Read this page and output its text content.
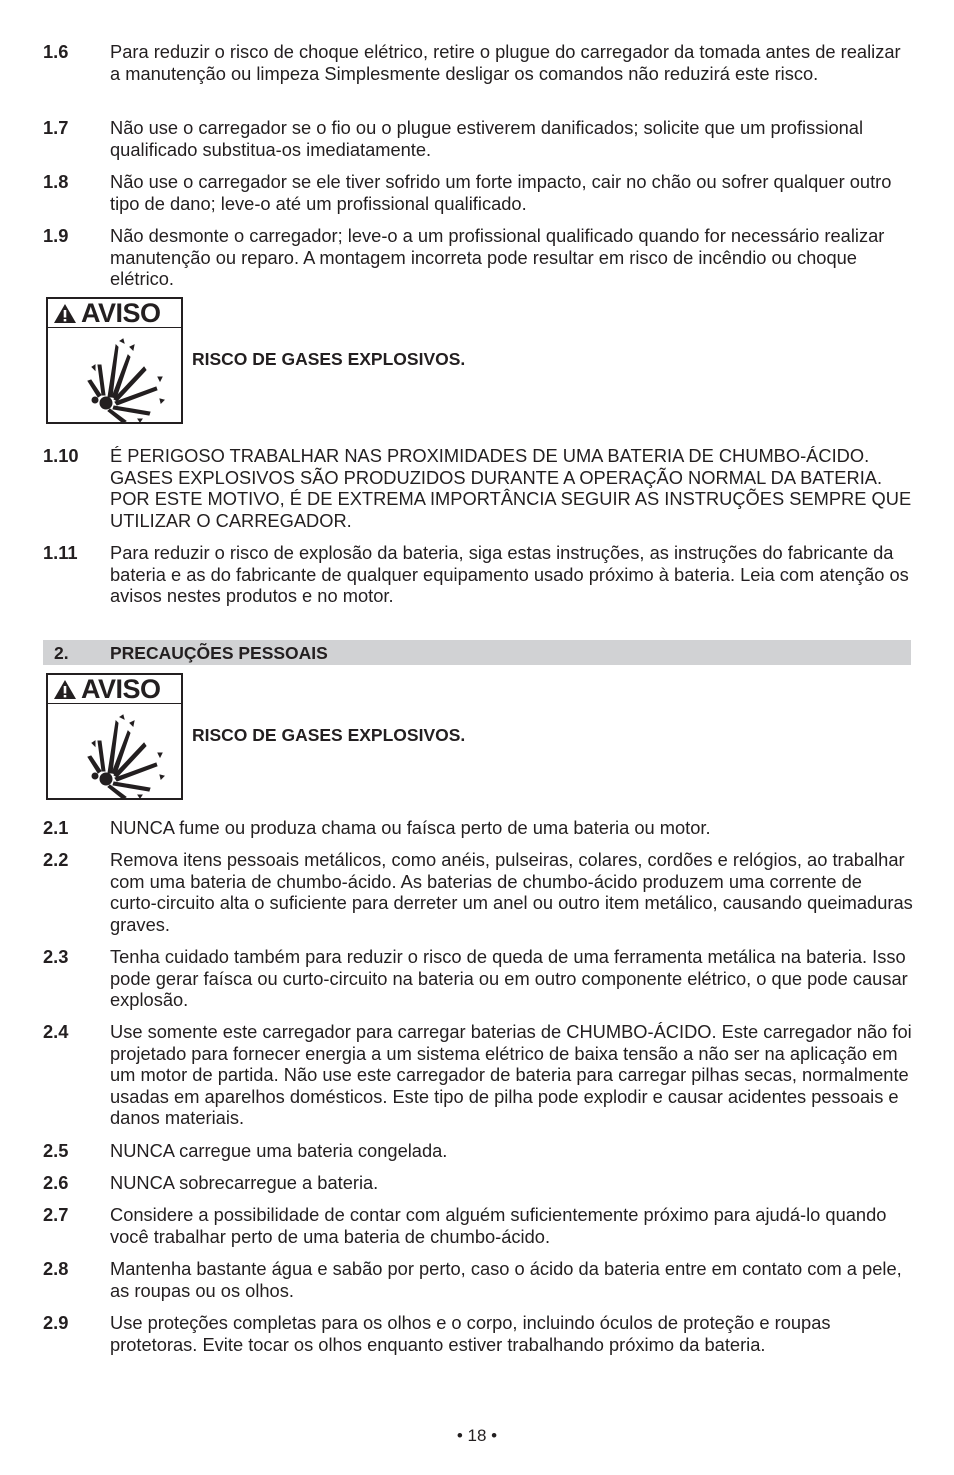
1.6	Para reduzir o risco de choque elétrico, retire o plugue do carregador da tomada antes de realizar a manutenção ou limpeza Simplesmente desligar os comandos não reduzirá este risco.
1.7	Não use o carregador se o fio ou o plugue estiverem danificados; solicite que um profissional qualificado substitua-os imediatamente.
1.8	Não use o carregador se ele tiver sofrido um forte impacto, cair no chão ou sofrer qualquer outro tipo de dano; leve-o até um profissional qualificado.
1.9	Não desmonte o carregador; leve-o a um profissional qualificado quando for necessário realizar manutenção ou reparo. A montagem incorreta pode resultar em risco de incêndio ou choque elétrico.
AVISO
RISCO DE GASES EXPLOSIVOS.
1.10	É PERIGOSO TRABALHAR NAS PROXIMIDADES DE UMA BATERIA DE CHUMBO-ÁCIDO. GASES EXPLOSIVOS SÃO PRODUZIDOS DURANTE A OPERAÇÃO NORMAL DA BATERIA. POR ESTE MOTIVO, É DE EXTREMA IMPORTÂNCIA SEGUIR AS INSTRUÇÕES SEMPRE QUE UTILIZAR O CARREGADOR.
1.11	Para reduzir o risco de explosão da bateria, siga estas instruções, as instruções do fabricante da bateria e as do fabricante de qualquer equipamento usado próximo à bateria. Leia com atenção os avisos nestes produtos e no motor.
2. PRECAUÇÕES PESSOAIS
AVISO
RISCO DE GASES EXPLOSIVOS.
2.1	NUNCA fume ou produza chama ou faísca perto de uma bateria ou motor.
2.2	Remova itens pessoais metálicos, como anéis, pulseiras, colares, cordões e relógios, ao trabalhar com uma bateria de chumbo-ácido. As baterias de chumbo-ácido produzem uma corrente de curto-circuito alta o suficiente para derreter um anel ou outro item metálico, causando queimaduras graves.
2.3	Tenha cuidado também para reduzir o risco de queda de uma ferramenta metálica na bateria. Isso pode gerar faísca ou curto-circuito na bateria ou em outro componente elétrico, o que pode causar explosão.
2.4	Use somente este carregador para carregar baterias de CHUMBO-ÁCIDO. Este carregador não foi projetado para fornecer energia a um sistema elétrico de baixa tensão a não ser na aplicação em um motor de partida. Não use este carregador de bateria para carregar pilhas secas, normalmente usadas em aparelhos domésticos. Este tipo de pilha pode explodir e causar acidentes pessoais e danos materiais.
2.5	NUNCA carregue uma bateria congelada.
2.6	NUNCA sobrecarregue a bateria.
2.7	Considere a possibilidade de contar com alguém suficientemente próximo para ajudá-lo quando você trabalhar perto de uma bateria de chumbo-ácido.
2.8	Mantenha bastante água e sabão por perto, caso o ácido da bateria entre em contato com a pele, as roupas ou os olhos.
2.9	Use proteções completas para os olhos e o corpo, incluindo óculos de proteção e roupas protetoras. Evite tocar os olhos enquanto estiver trabalhando próximo da bateria.
• 18 •
